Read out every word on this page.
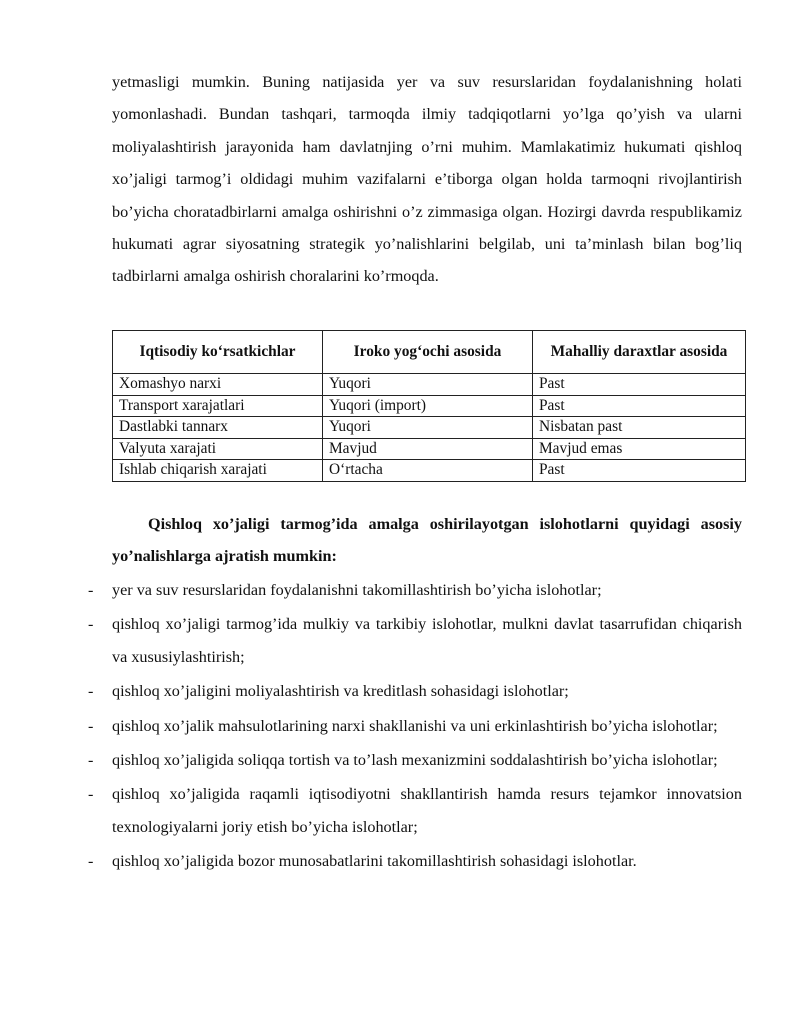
yetmasligi mumkin. Buning natijasida yer va suv resurslaridan foydalanishning holati yomonlashadi. Bundan tashqari, tarmoqda ilmiy tadqiqotlarni yo’lga qo’yish va ularni moliyalashtirish jarayonida ham davlatnjing o’rni muhim. Mamlakatimiz hukumati qishloq xo’jaligi tarmog’i oldidagi muhim vazifalarni e’tiborga olgan holda tarmoqni rivojlantirish bo’yicha choratadbirlarni amalga oshirishni o’z zimmasiga olgan. Hozirgi davrda respublikamiz hukumati agrar siyosatning strategik yo’nalishlarini belgilab, uni ta’minlash bilan bog’liq tadbirlarni amalga oshirish choralarini ko’rmoqda.

Iqtisodiy ko‘rsatkichlar	Iroko yog‘ochi asosida	Mahalliy daraxtlar asosida
Xomashyo narxi	Yuqori	Past
Transport xarajatlari	Yuqori (import)	Past
Dastlabki tannarx	Yuqori	Nisbatan past
Valyuta xarajati	Mavjud	Mavjud emas
Ishlab chiqarish xarajati	O‘rtacha	Past

Qishloq xo’jaligi tarmog’ida amalga oshirilayotgan islohotlarni quyidagi asosiy yo’nalishlarga ajratish mumkin:

-	yer va suv resurslaridan foydalanishni takomillashtirish bo’yicha islohotlar;
-	qishloq xo’jaligi tarmog’ida mulkiy va tarkibiy islohotlar, mulkni davlat tasarrufidan chiqarish va xususiylashtirish;
-	qishloq xo’jaligini moliyalashtirish va kreditlash sohasidagi islohotlar;
-	qishloq xo’jalik mahsulotlarining narxi shakllanishi va uni erkinlashtirish bo’yicha islohotlar;
-	qishloq xo’jaligida soliqqa tortish va to’lash mexanizmini soddalashtirish bo’yicha islohotlar;
-	qishloq xo’jaligida raqamli iqtisodiyotni shakllantirish hamda resurs tejamkor innovatsion texnologiyalarni joriy etish bo’yicha islohotlar;
-	qishloq xo’jaligida bozor munosabatlarini takomillashtirish sohasidagi islohotlar.
